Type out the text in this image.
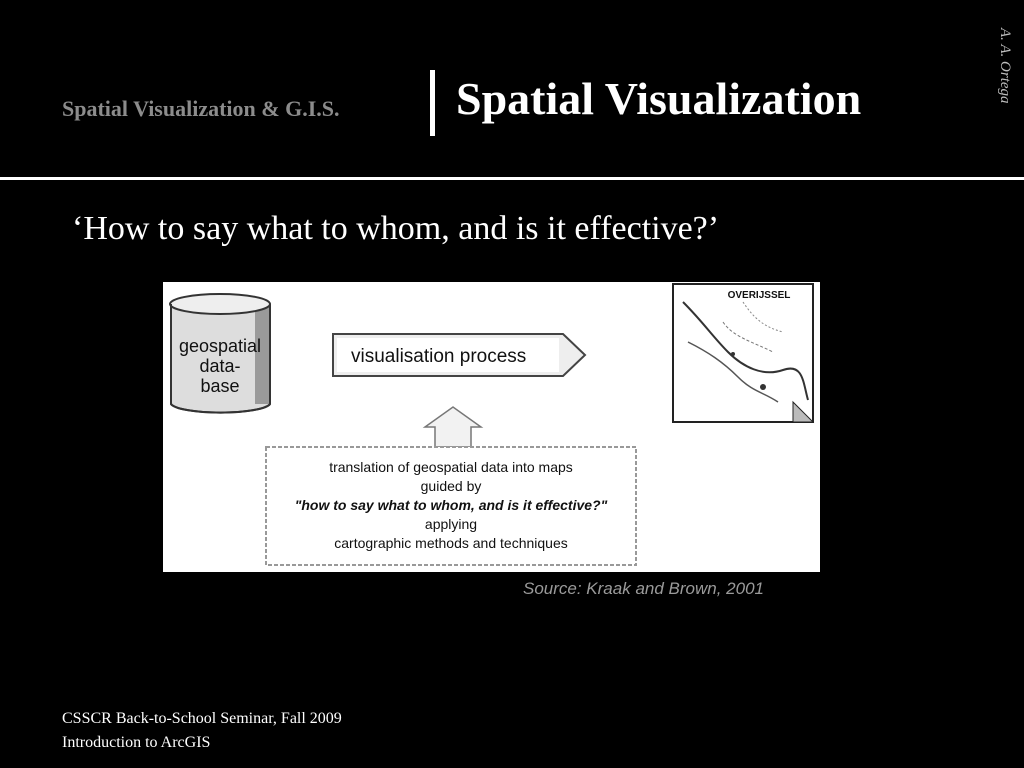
Spatial Visualization & G.I.S.	Spatial Visualization	A. A. Ortega
‘How to say what to whom, and is it effective?’
geospatial
data-
base
visualisation process
OVERIJSSEL
translation of geospatial data into maps
guided by
"how to say what to whom, and is it effective?"
applying
cartographic methods and techniques
Source: Kraak and Brown, 2001
CSSCR Back-to-School Seminar, Fall 2009
Introduction to ArcGIS
